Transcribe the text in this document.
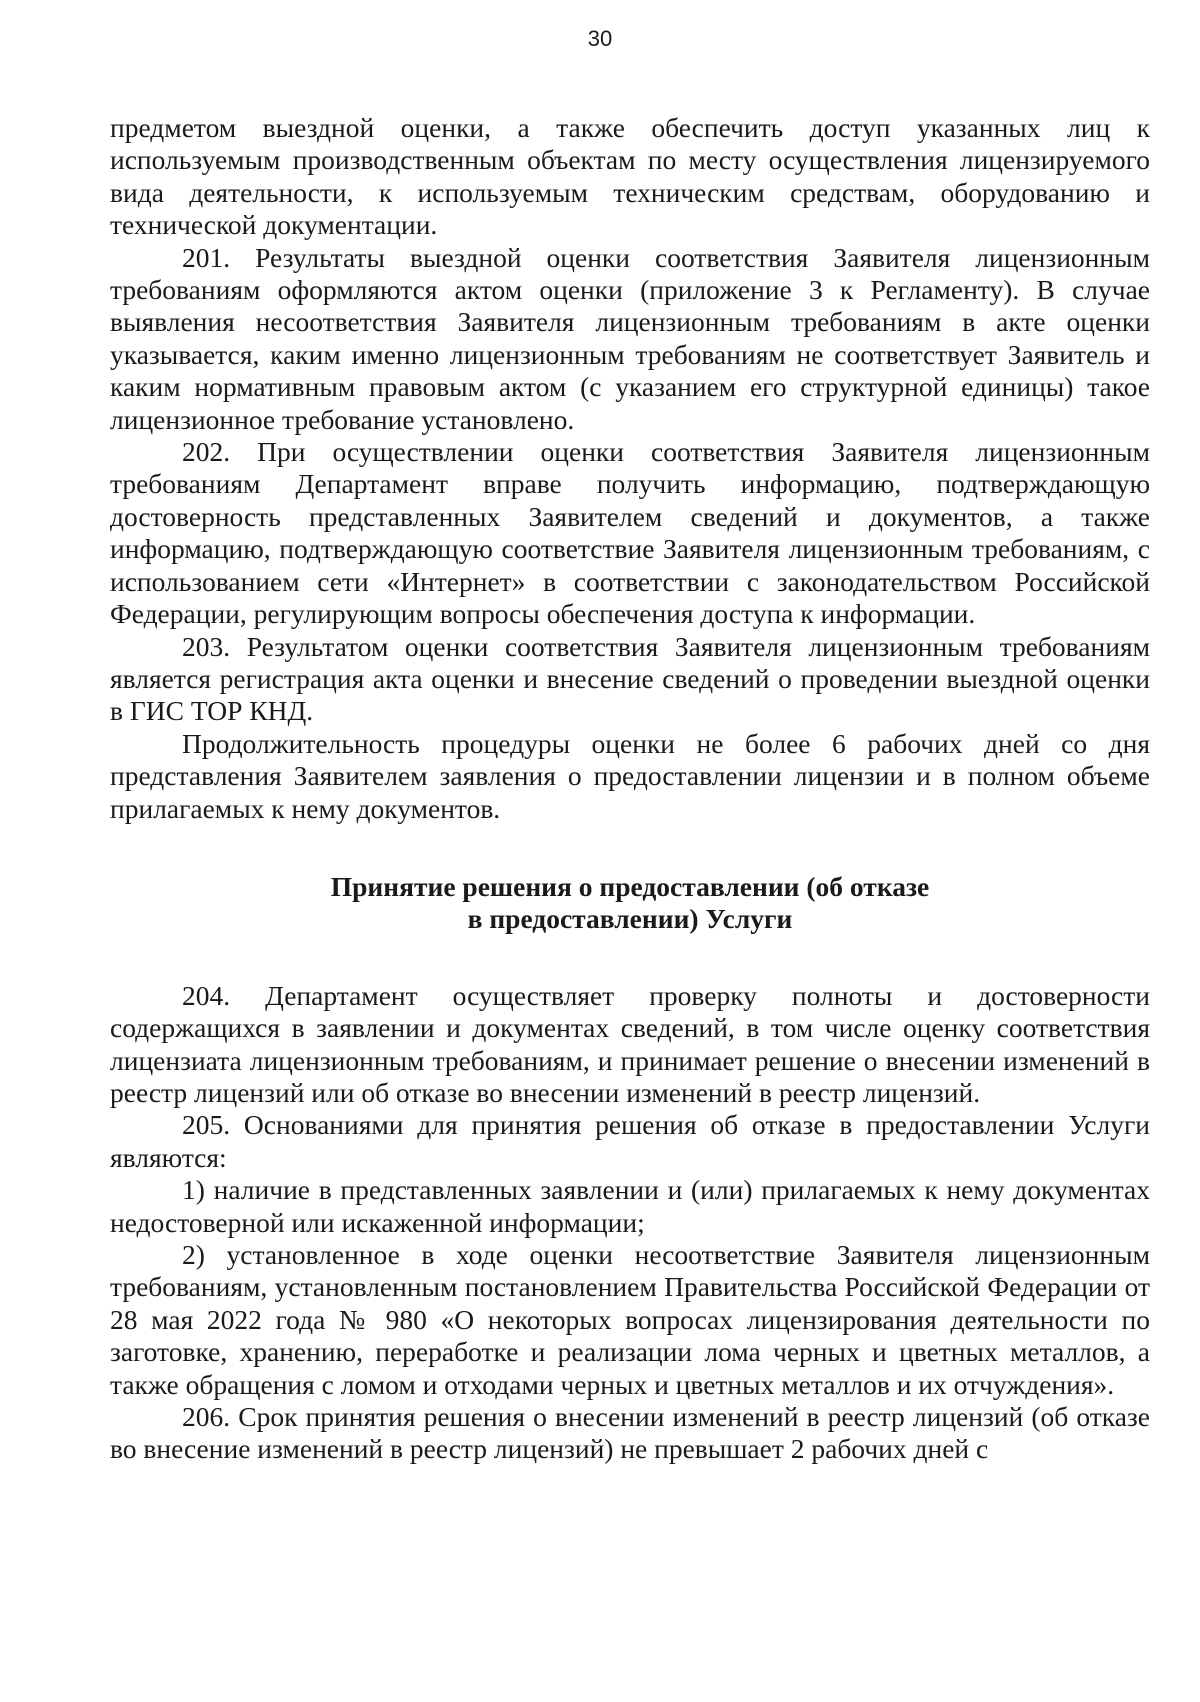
30

предметом выездной оценки, а также обеспечить доступ указанных лиц к используемым производственным объектам по месту осуществления лицензируемого вида деятельности, к используемым техническим средствам, оборудованию и технической документации.

201. Результаты выездной оценки соответствия Заявителя лицензионным требованиям оформляются актом оценки (приложение 3 к Регламенту). В случае выявления несоответствия Заявителя лицензионным требованиям в акте оценки указывается, каким именно лицензионным требованиям не соответствует Заявитель и каким нормативным правовым актом (с указанием его структурной единицы) такое лицензионное требование установлено.

202. При осуществлении оценки соответствия Заявителя лицензионным требованиям Департамент вправе получить информацию, подтверждающую достоверность представленных Заявителем сведений и документов, а также информацию, подтверждающую соответствие Заявителя лицензионным требованиям, с использованием сети «Интернет» в соответствии с законодательством Российской Федерации, регулирующим вопросы обеспечения доступа к информации.

203. Результатом оценки соответствия Заявителя лицензионным требованиям является регистрация акта оценки и внесение сведений о проведении выездной оценки в ГИС ТОР КНД.

Продолжительность процедуры оценки не более 6 рабочих дней со дня представления Заявителем заявления о предоставлении лицензии и в полном объеме прилагаемых к нему документов.

Принятие решения о предоставлении (об отказе
в предоставлении) Услуги

204. Департамент осуществляет проверку полноты и достоверности содержащихся в заявлении и документах сведений, в том числе оценку соответствия лицензиата лицензионным требованиям, и принимает решение о внесении изменений в реестр лицензий или об отказе во внесении изменений в реестр лицензий.

205. Основаниями для принятия решения об отказе в предоставлении Услуги являются:

1) наличие в представленных заявлении и (или) прилагаемых к нему документах недостоверной или искаженной информации;

2) установленное в ходе оценки несоответствие Заявителя лицензионным требованиям, установленным постановлением Правительства Российской Федерации от 28 мая 2022 года № 980 «О некоторых вопросах лицензирования деятельности по заготовке, хранению, переработке и реализации лома черных и цветных металлов, а также обращения с ломом и отходами черных и цветных металлов и их отчуждения».

206. Срок принятия решения о внесении изменений в реестр лицензий (об отказе во внесение изменений в реестр лицензий) не превышает 2 рабочих дней с
